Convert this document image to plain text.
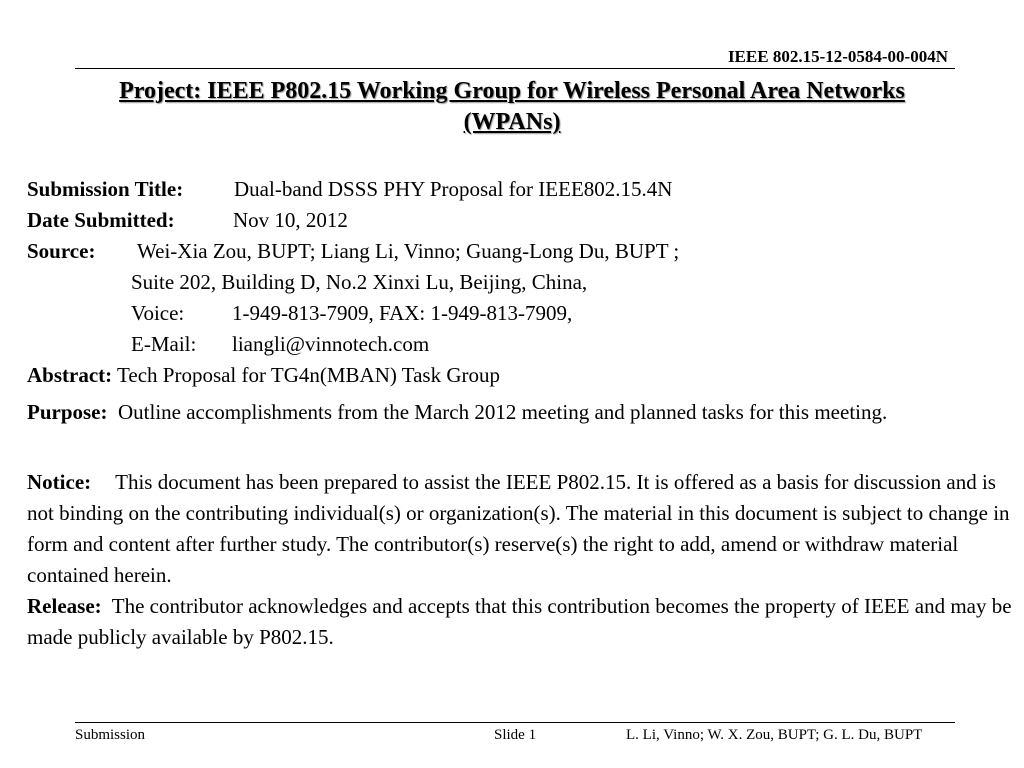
IEEE 802.15-12-0584-00-004N
Project: IEEE P802.15 Working Group for Wireless Personal Area Networks
(WPANs)
Submission Title: Dual-band DSSS PHY Proposal for IEEE802.15.4N
Date Submitted:	Nov 10, 2012
Source: Wei-Xia Zou, BUPT; Liang Li, Vinno; Guang-Long Du, BUPT ;
Suite 202, Building D, No.2 Xinxi Lu, Beijing, China,
Voice: 1-949-813-7909, FAX: 1-949-813-7909,
E-Mail: liangli@vinnotech.com
Abstract: Tech Proposal for TG4n(MBAN) Task Group

Purpose: Outline accomplishments from the March 2012 meeting and planned tasks for this meeting.

Notice: This document has been prepared to assist the IEEE P802.15. It is offered as a basis for discussion and is not binding on the contributing individual(s) or organization(s). The material in this document is subject to change in form and content after further study. The contributor(s) reserve(s) the right to add, amend or withdraw material contained herein.

Release: The contributor acknowledges and accepts that this contribution becomes the property of IEEE and may be made publicly available by P802.15.

Submission	Slide 1	L. Li, Vinno; W. X. Zou, BUPT; G. L. Du, BUPT
